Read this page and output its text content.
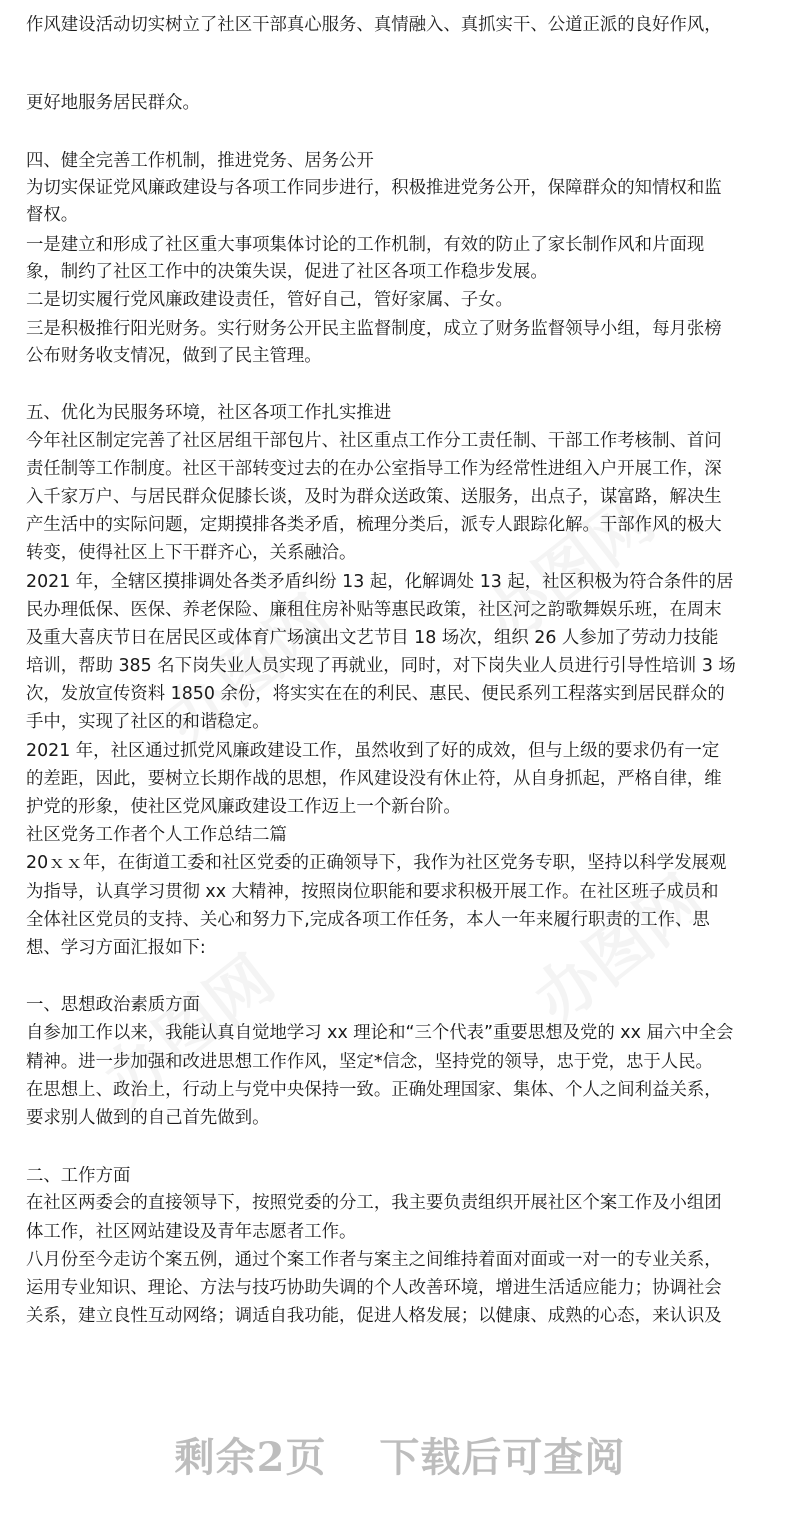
作风建设活动切实树立了社区干部真心服务、真情融入、真抓实干、公道正派的良好作风，
更好地服务居民群众。
四、健全完善工作机制，推进党务、居务公开
为切实保证党风廉政建设与各项工作同步进行，积极推进党务公开，保障群众的知情权和监
督权。
一是建立和形成了社区重大事项集体讨论的工作机制，有效的防止了家长制作风和片面现
象，制约了社区工作中的决策失误，促进了社区各项工作稳步发展。
二是切实履行党风廉政建设责任，管好自己，管好家属、子女。
三是积极推行阳光财务。实行财务公开民主监督制度，成立了财务监督领导小组，每月张榜
公布财务收支情况，做到了民主管理。
五、优化为民服务环境，社区各项工作扎实推进
今年社区制定完善了社区居组干部包片、社区重点工作分工责任制、干部工作考核制、首问
责任制等工作制度。社区干部转变过去的在办公室指导工作为经常性进组入户开展工作，深
入千家万户、与居民群众促膝长谈，及时为群众送政策、送服务，出点子，谋富路，解决生
产生活中的实际问题，定期摸排各类矛盾，梳理分类后，派专人跟踪化解。干部作风的极大
转变，使得社区上下干群齐心，关系融洽。
2021 年，全辖区摸排调处各类矛盾纠纷 13 起，化解调处 13 起，社区积极为符合条件的居
民办理低保、医保、养老保险、廉租住房补贴等惠民政策，社区河之韵歌舞娱乐班，在周末
及重大喜庆节日在居民区或体育广场演出文艺节目 18 场次，组织 26 人参加了劳动力技能
培训，帮助 385 名下岗失业人员实现了再就业，同时，对下岗失业人员进行引导性培训 3 场
次，发放宣传资料 1850 余份，将实实在在的利民、惠民、便民系列工程落实到居民群众的
手中，实现了社区的和谐稳定。
2021 年，社区通过抓党风廉政建设工作，虽然收到了好的成效，但与上级的要求仍有一定
的差距，因此，要树立长期作战的思想，作风建设没有休止符，从自身抓起，严格自律，维
护党的形象，使社区党风廉政建设工作迈上一个新台阶。
社区党务工作者个人工作总结二篇
20ｘｘ年，在街道工委和社区党委的正确领导下，我作为社区党务专职，坚持以科学发展观
为指导，认真学习贯彻 xx 大精神，按照岗位职能和要求积极开展工作。在社区班子成员和
全体社区党员的支持、关心和努力下,完成各项工作任务，本人一年来履行职责的工作、思
想、学习方面汇报如下:
一、思想政治素质方面
自参加工作以来，我能认真自觉地学习 xx 理论和“三个代表”重要思想及党的 xx 届六中全会
精神。进一步加强和改进思想工作作风，坚定*信念，坚持党的领导，忠于党，忠于人民。
在思想上、政治上，行动上与党中央保持一致。正确处理国家、集体、个人之间利益关系，
要求别人做到的自己首先做到。
二、工作方面
在社区两委会的直接领导下，按照党委的分工，我主要负责组织开展社区个案工作及小组团
体工作，社区网站建设及青年志愿者工作。
八月份至今走访个案五例，通过个案工作者与案主之间维持着面对面或一对一的专业关系，
运用专业知识、理论、方法与技巧协助失调的个人改善环境，增进生活适应能力；协调社会
关系，建立良性互动网络；调适自我功能，促进人格发展；以健康、成熟的心态，来认识及
剩余2页 下载后可查阅
